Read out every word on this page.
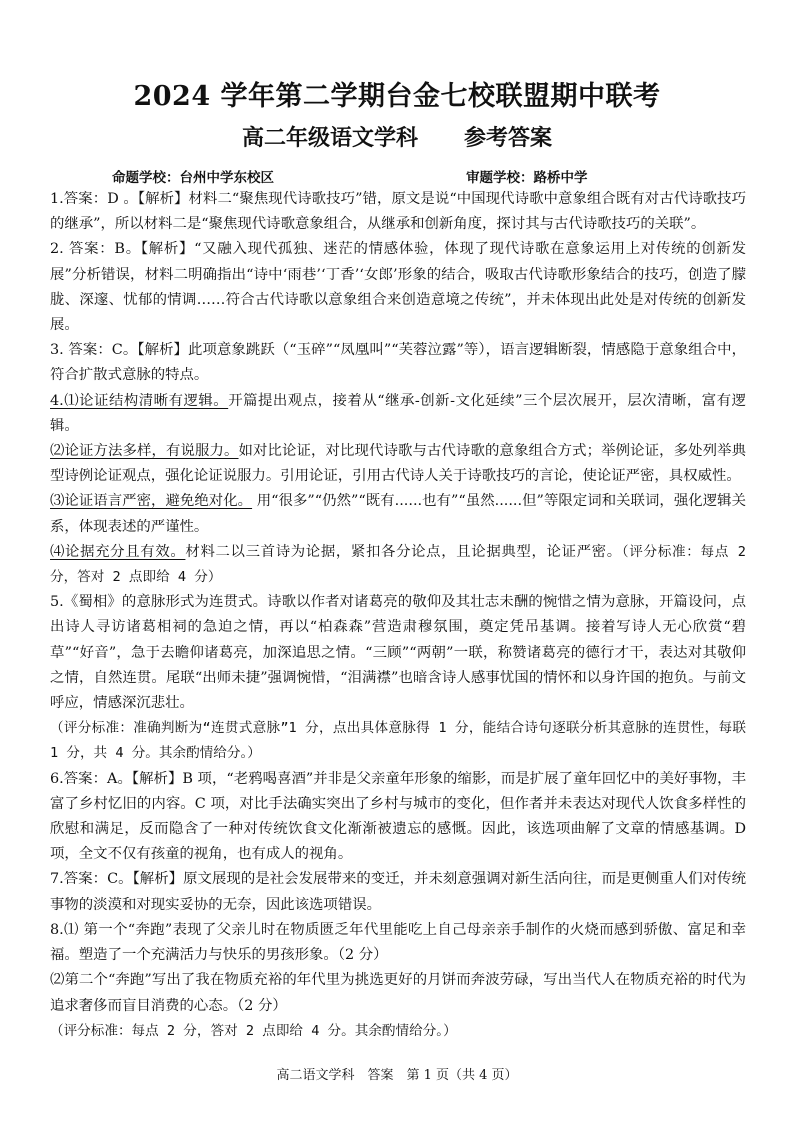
2024 学年第二学期台金七校联盟期中联考
高二年级语文学科 参考答案
命题学校：台州中学东校区	审题学校：路桥中学

1.答案：D 。【解析】材料二“聚焦现代诗歌技巧”错，原文是说“中国现代诗歌中意象组合既有对古代诗歌技巧的继承”，所以材料二是“聚焦现代诗歌意象组合，从继承和创新角度，探讨其与古代诗歌技巧的关联”。

2. 答案：B。【解析】“又融入现代孤独、迷茫的情感体验，体现了现代诗歌在意象运用上对传统的创新发展”分析错误，材料二明确指出“诗中‘雨巷’‘丁香’‘女郎’形象的结合，吸取古代诗歌形象结合的技巧，创造了朦胧、深邃、忧郁的情调……符合古代诗歌以意象组合来创造意境之传统”，并未体现出此处是对传统的创新发展。

3. 答案：C。【解析】此项意象跳跃（“玉碎”“凤凰叫”“芙蓉泣露”等），语言逻辑断裂，情感隐于意象组合中，符合扩散式意脉的特点。

4.⑴论证结构清晰有逻辑。开篇提出观点，接着从“继承-创新-文化延续”三个层次展开，层次清晰，富有逻辑。

⑵论证方法多样，有说服力。如对比论证，对比现代诗歌与古代诗歌的意象组合方式；举例论证，多处列举典型诗例论证观点，强化论证说服力。引用论证，引用古代诗人关于诗歌技巧的言论，使论证严密，具权威性。

⑶论证语言严密，避免绝对化。 用“很多”“仍然”“既有......也有”“虽然......但”等限定词和关联词，强化逻辑关系，体现表述的严谨性。

⑷论据充分且有效。材料二以三首诗为论据，紧扣各分论点，且论据典型，论证严密。（评分标准：每点 2 分，答对 2 点即给 4 分）

5.《蜀相》的意脉形式为连贯式。诗歌以作者对诸葛亮的敬仰及其壮志未酬的惋惜之情为意脉，开篇设问，点出诗人寻访诸葛相祠的急迫之情，再以“柏森森”营造肃穆氛围，奠定凭吊基调。接着写诗人无心欣赏“碧草”“好音”，急于去瞻仰诸葛亮，加深追思之情。“三顾”“两朝”一联，称赞诸葛亮的德行才干，表达对其敬仰之情，自然连贯。尾联“出师未捷”强调惋惜，“泪满襟”也暗含诗人感事忧国的情怀和以身许国的抱负。与前文呼应，情感深沉悲壮。

（评分标准：准确判断为“连贯式意脉”1 分，点出具体意脉得 1 分，能结合诗句逐联分析其意脉的连贯性，每联 1 分，共 4 分。其余酌情给分。）

6.答案：A。【解析】B 项，“老鸦喝喜酒”并非是父亲童年形象的缩影，而是扩展了童年回忆中的美好事物，丰富了乡村忆旧的内容。C 项，对比手法确实突出了乡村与城市的变化，但作者并未表达对现代人饮食多样性的欣慰和满足，反而隐含了一种对传统饮食文化渐渐被遗忘的感慨。因此，该选项曲解了文章的情感基调。D 项，全文不仅有孩童的视角，也有成人的视角。

7.答案：C。【解析】原文展现的是社会发展带来的变迁，并未刻意强调对新生活向往，而是更侧重人们对传统事物的淡漠和对现实妥协的无奈，因此该选项错误。

8.⑴ 第一个“奔跑”表现了父亲儿时在物质匮乏年代里能吃上自己母亲亲手制作的火烧而感到骄傲、富足和幸福。塑造了一个充满活力与快乐的男孩形象。（2 分）

⑵第二个“奔跑”写出了我在物质充裕的年代里为挑选更好的月饼而奔波劳碌，写出当代人在物质充裕的时代为追求奢侈而盲目消费的心态。（2 分）

（评分标准：每点 2 分，答对 2 点即给 4 分。其余酌情给分。）

高二语文学科　答案　第 1 页（共 4 页）
